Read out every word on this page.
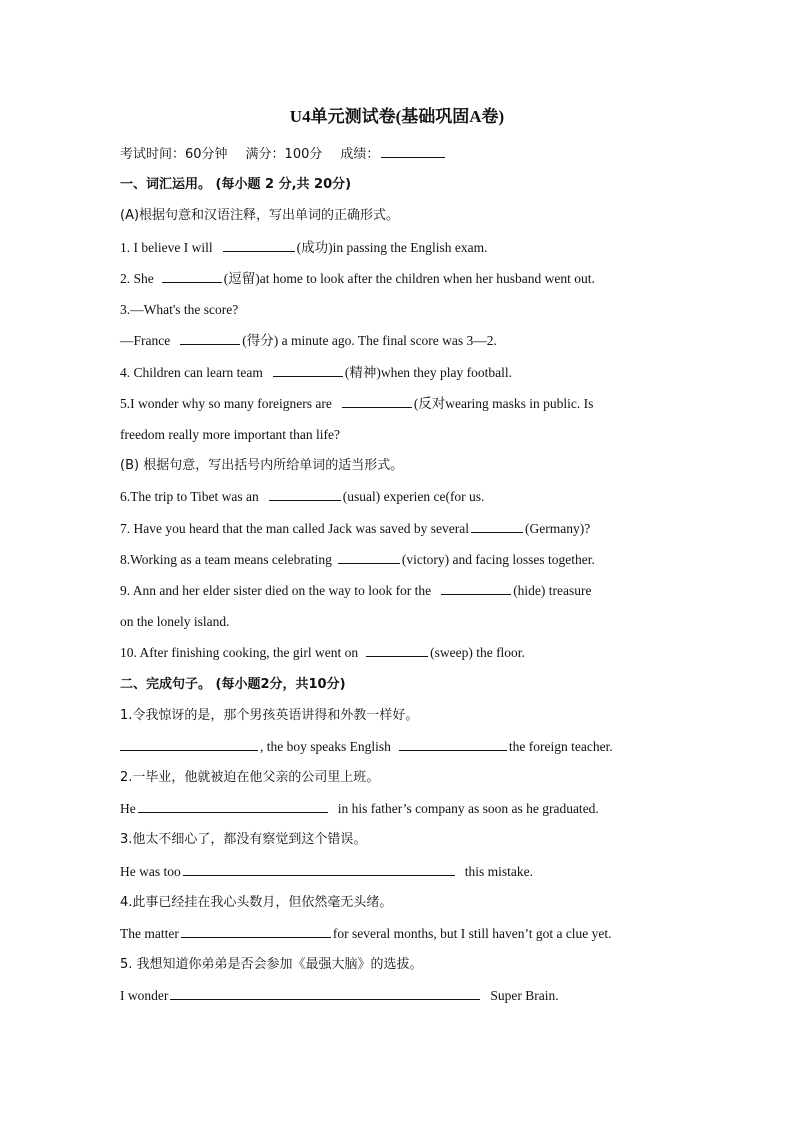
U4单元测试卷(基础巩固A卷)
考试时间：60分钟 满分：100分 成绩：
一、词汇运用。 (每小题 2 分,共 20分)
(A)根据句意和汉语注释，写出单词的正确形式。
1. I believe I will	(成功)in passing the English exam.
2. She	(逗留)at home to look after the children when her husband went out.
3.—What's the score?
—France	(得分) a minute ago. The final score was 3—2.
4. Children can learn team	(精神)when they play football.
5.I wonder why so many foreigners are	(反对wearing masks in public. Is
freedom really more important than life?
(B) 根据句意，写出括号内所给单词的适当形式。
6.The trip to Tibet was an	(usual) experien ce(for us.
7. Have you heard that the man called Jack was saved by several	(Germany)?
8.Working as a team means celebrating	(victory) and facing losses together.
9. Ann and her elder sister died on the way to look for the	(hide) treasure
on the lonely island.
10. After finishing cooking, the girl went on	(sweep) the floor.
二、完成句子。 (每小题2分，共10分)
1.令我惊讶的是，那个男孩英语讲得和外教一样好。
, the boy speaks English	the foreign teacher.
2.一毕业，他就被迫在他父亲的公司里上班。
He	in his father’s company as soon as he graduated.
3.他太不细心了，都没有察觉到这个错误。
He was too	this mistake.
4.此事已经挂在我心头数月，但依然毫无头绪。
The matter	for several months, but I still haven’t got a clue yet.
5. 我想知道你弟弟是否会参加《最强大脑》的选拔。
I wonder	Super Brain.
